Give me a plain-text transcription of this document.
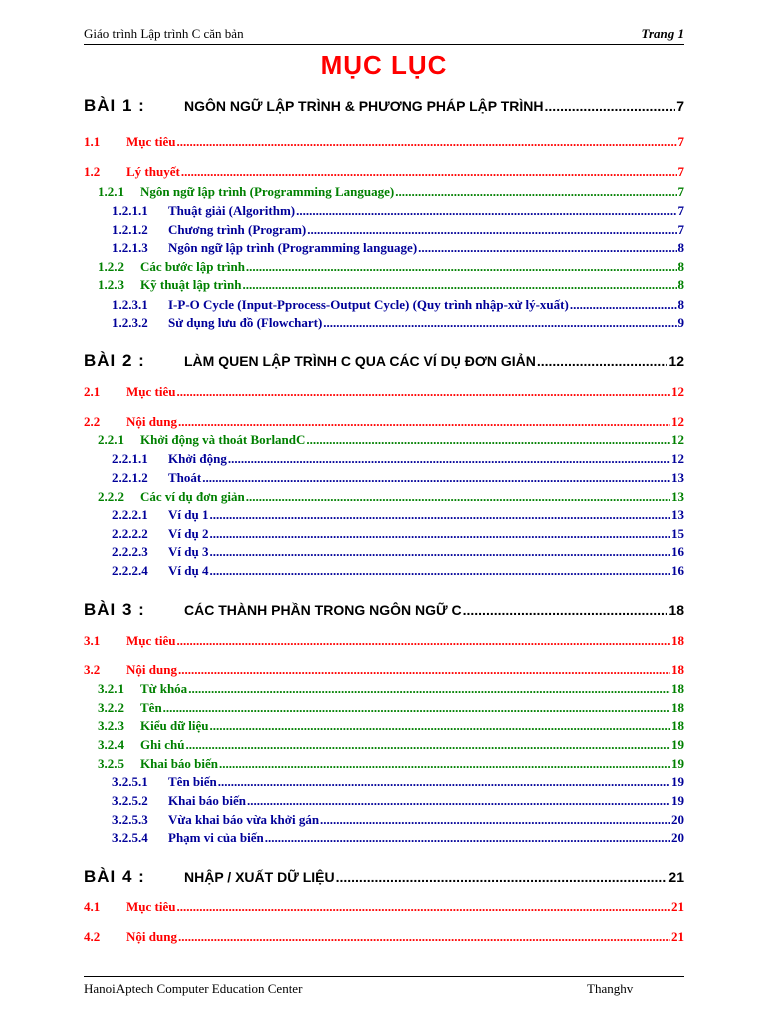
Giáo trình Lập trình C căn bản	Trang 1
MỤC LỤC
BÀI 1 :	NGÔN NGỮ LẬP TRÌNH & PHƯƠNG PHÁP LẬP TRÌNH .....	7
1.1	Mục tiêu .....	7
1.2	Lý thuyết .....	7
1.2.1	Ngôn ngữ lập trình (Programming Language) .....	7
1.2.1.1	Thuật giải (Algorithm) .....	7
1.2.1.2	Chương trình (Program) .....	7
1.2.1.3	Ngôn ngữ lập trình (Programming language) .....	8
1.2.2	Các bước lập trình .....	8
1.2.3	Kỹ thuật lập trình .....	8
1.2.3.1	I-P-O Cycle (Input-Pprocess-Output Cycle) (Quy trình nhập-xử lý-xuất) .....	8
1.2.3.2	Sử dụng lưu đồ (Flowchart) .....	9
BÀI 2 :	LÀM QUEN LẬP TRÌNH C QUA CÁC VÍ DỤ ĐƠN GIẢN .....	12
2.1	Mục tiêu .....	12
2.2	Nội dung .....	12
2.2.1	Khởi động và thoát BorlandC .....	12
2.2.1.1	Khởi động .....	12
2.2.1.2	Thoát .....	13
2.2.2	Các ví dụ đơn giản .....	13
2.2.2.1	Ví dụ 1 .....	13
2.2.2.2	Ví dụ 2 .....	15
2.2.2.3	Ví dụ 3 .....	16
2.2.2.4	Ví dụ 4 .....	16
BÀI 3 :	CÁC THÀNH PHẦN TRONG NGÔN NGỮ C .....	18
3.1	Mục tiêu .....	18
3.2	Nội dung .....	18
3.2.1	Từ khóa .....	18
3.2.2	Tên .....	18
3.2.3	Kiểu dữ liệu .....	18
3.2.4	Ghi chú .....	19
3.2.5	Khai báo biến .....	19
3.2.5.1	Tên biến .....	19
3.2.5.2	Khai báo biến .....	19
3.2.5.3	Vừa khai báo vừa khởi gán .....	20
3.2.5.4	Phạm vi của biến .....	20
BÀI 4 :	NHẬP / XUẤT DỮ LIỆU .....	21
4.1	Mục tiêu .....	21
4.2	Nội dung .....	21
HanoiAptech Computer Education Center	Thanghv
